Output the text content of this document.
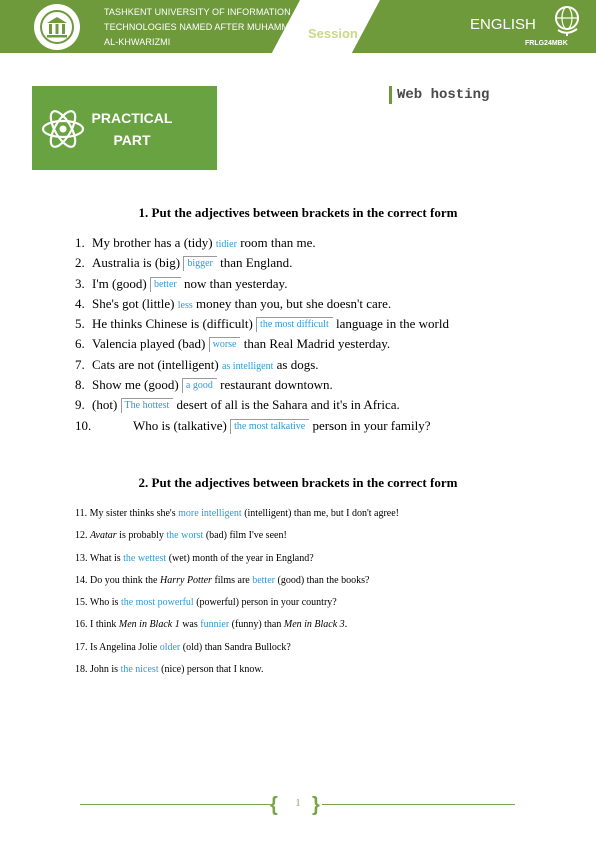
TASHKENT UNIVERSITY OF INFORMATION
TECHNOLOGIES NAMED AFTER MUHAMMAD
AL-KHWARIZMI
Session
ENGLISH
FRLG24MBK
Web hosting
PRACTICAL
PART
1. Put the adjectives between brackets in the correct form
1. My brother has a (tidy) tidier room than me.
2. Australia is (big) bigger than England.
3. I'm (good) better now than yesterday.
4. She's got (little) less money than you, but she doesn't care.
5. He thinks Chinese is (difficult) the most difficult language in the world
6. Valencia played (bad) worse than Real Madrid yesterday.
7. Cats are not (intelligent) as intelligent as dogs.
8. Show me (good) a good restaurant downtown.
9. (hot) The hottest desert of all is the Sahara and it's in Africa.
10.	Who is (talkative) the most talkative person in your family?
2. Put the adjectives between brackets in the correct form
11. My sister thinks she's more intelligent (intelligent) than me, but I don't agree!
12. Avatar is probably the worst (bad) film I've seen!
13. What is the wettest (wet) month of the year in England?
14. Do you think the Harry Potter films are better (good) than the books?
15. Who is the most powerful (powerful) person in your country?
16. I think Men in Black 1 was funnier (funny) than Men in Black 3.
17. Is Angelina Jolie older (old) than Sandra Bullock?
18. John is the nicest (nice) person that I know.
{	1 }
